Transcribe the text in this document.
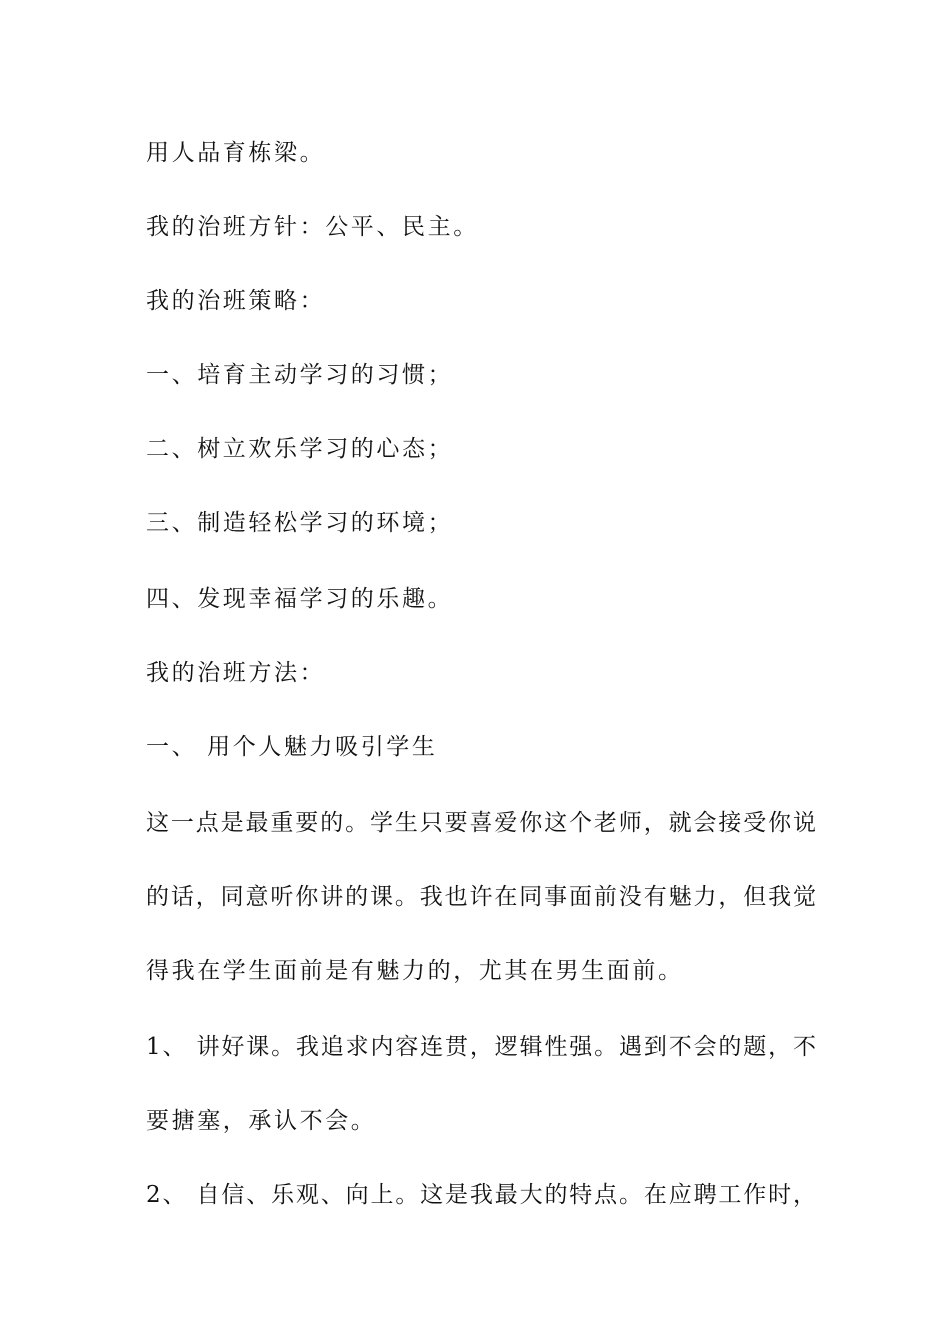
用人品育栋梁。
我的治班方针：公平、民主。
我的治班策略：
一、培育主动学习的习惯；
二、树立欢乐学习的心态；
三、制造轻松学习的环境；
四、发现幸福学习的乐趣。
我的治班方法：
一、 用个人魅力吸引学生
这一点是最重要的。学生只要喜爱你这个老师，就会接受你说
的话，同意听你讲的课。我也许在同事面前没有魅力，但我觉
得我在学生面前是有魅力的，尤其在男生面前。
1、 讲好课。我追求内容连贯，逻辑性强。遇到不会的题，不
要搪塞，承认不会。
2、 自信、乐观、向上。这是我最大的特点。在应聘工作时，
